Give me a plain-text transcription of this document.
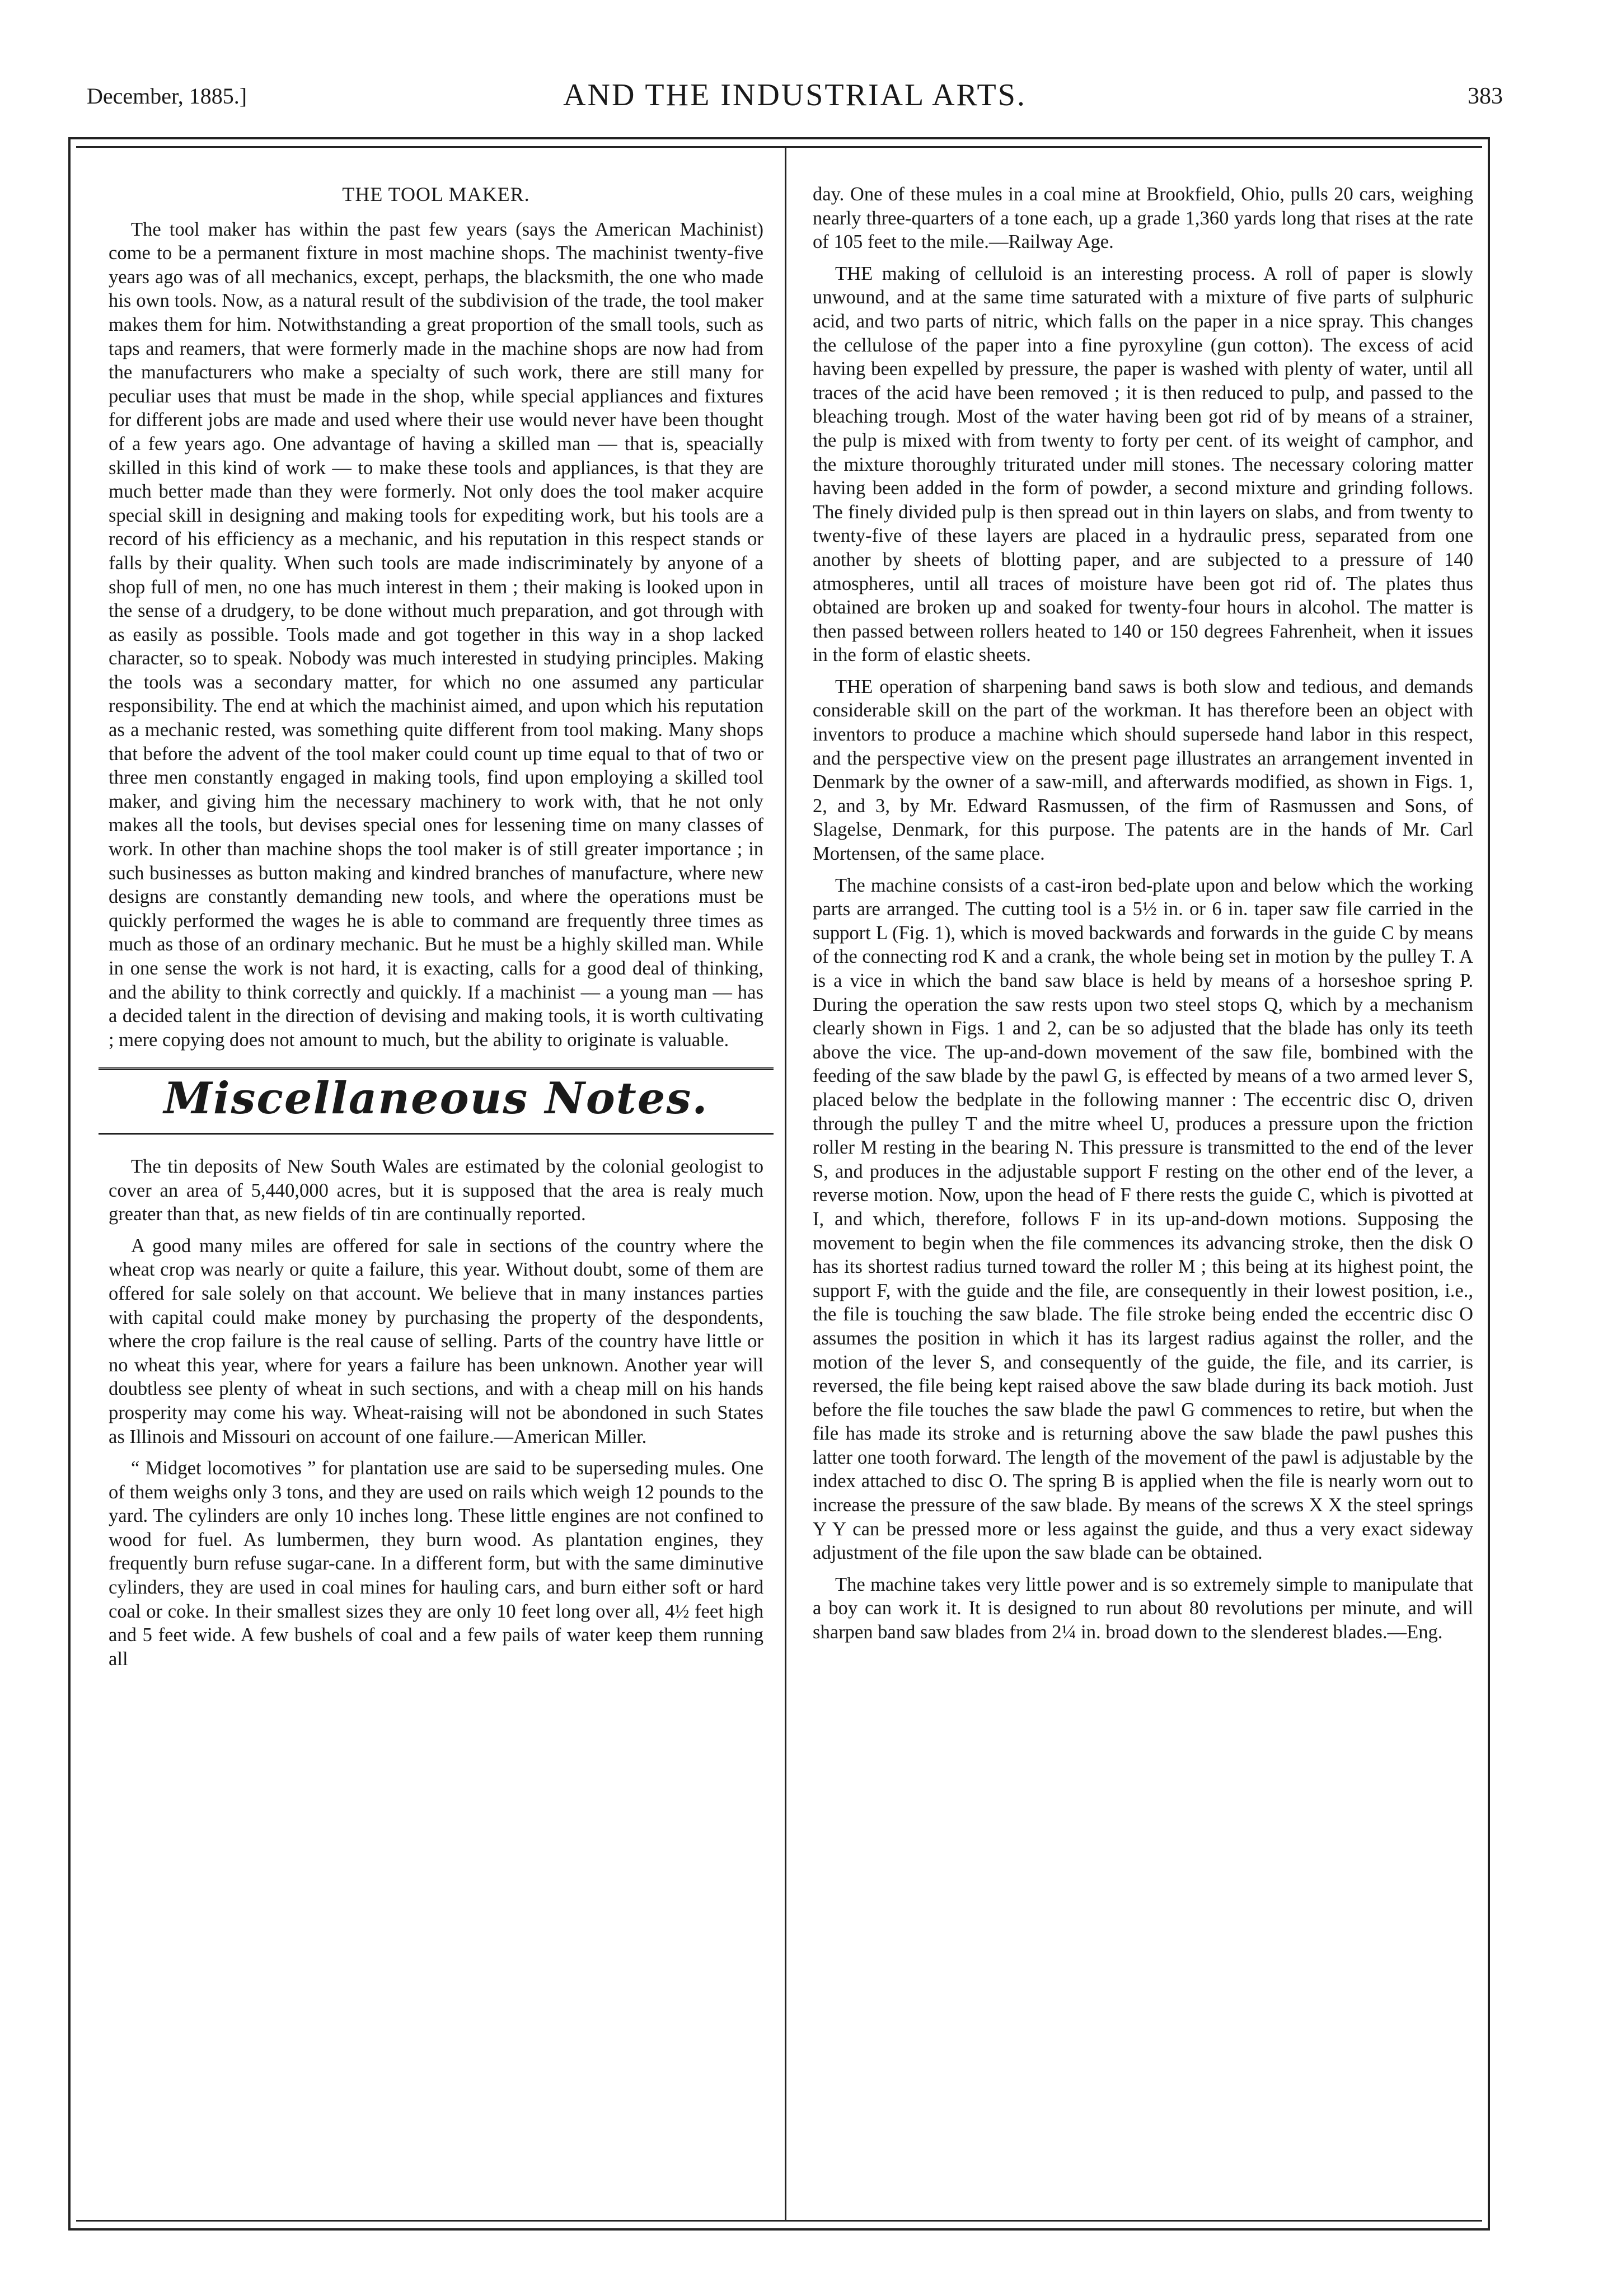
December, 1885.]	AND THE INDUSTRIAL ARTS.	383
THE TOOL MAKER.

The tool maker has within the past few years (says the American Machinist) come to be a permanent fixture in most machine shops. The machinist twenty-five years ago was of all mechanics, except, perhaps, the blacksmith, the one who made his own tools. Now, as a natural result of the subdivision of the trade, the tool maker makes them for him. Notwithstanding a great proportion of the small tools, such as taps and reamers, that were formerly made in the machine shops are now had from the manufacturers who make a specialty of such work, there are still many for peculiar uses that must be made in the shop, while special appliances and fixtures for different jobs are made and used where their use would never have been thought of a few years ago. One advantage of having a skilled man — that is, speacially skilled in this kind of work — to make these tools and appliances, is that they are much better made than they were formerly. Not only does the tool maker acquire special skill in designing and making tools for expediting work, but his tools are a record of his efficiency as a mechanic, and his reputation in this respect stands or falls by their quality. When such tools are made indiscriminately by anyone of a shop full of men, no one has much interest in them ; their making is looked upon in the sense of a drudgery, to be done without much preparation, and got through with as easily as possible. Tools made and got together in this way in a shop lacked character, so to speak. Nobody was much interested in studying principles. Making the tools was a secondary matter, for which no one assumed any particular responsibility. The end at which the machinist aimed, and upon which his reputation as a mechanic rested, was something quite different from tool making. Many shops that before the advent of the tool maker could count up time equal to that of two or three men constantly engaged in making tools, find upon employing a skilled tool maker, and giving him the necessary machinery to work with, that he not only makes all the tools, but devises special ones for lessening time on many classes of work. In other than machine shops the tool maker is of still greater importance ; in such businesses as button making and kindred branches of manufacture, where new designs are constantly demanding new tools, and where the operations must be quickly performed the wages he is able to command are frequently three times as much as those of an ordinary mechanic. But he must be a highly skilled man. While in one sense the work is not hard, it is exacting, calls for a good deal of thinking, and the ability to think correctly and quickly. If a machinist — a young man — has a decided talent in the direction of devising and making tools, it is worth cultivating ; mere copying does not amount to much, but the ability to originate is valuable.

Miscellaneous Notes.

The tin deposits of New South Wales are estimated by the colonial geologist to cover an area of 5,440,000 acres, but it is supposed that the area is realy much greater than that, as new fields of tin are continually reported.

A good many miles are offered for sale in sections of the country where the wheat crop was nearly or quite a failure, this year. Without doubt, some of them are offered for sale solely on that account. We believe that in many instances parties with capital could make money by purchasing the property of the despondents, where the crop failure is the real cause of selling. Parts of the country have little or no wheat this year, where for years a failure has been unknown. Another year will doubtless see plenty of wheat in such sections, and with a cheap mill on his hands prosperity may come his way. Wheat-raising will not be abondoned in such States as Illinois and Missouri on account of one failure.—American Miller.

“ Midget locomotives ” for plantation use are said to be superseding mules. One of them weighs only 3 tons, and they are used on rails which weigh 12 pounds to the yard. The cylinders are only 10 inches long. These little engines are not confined to wood for fuel. As lumbermen, they burn wood. As plantation engines, they frequently burn refuse sugar-cane. In a different form, but with the same diminutive cylinders, they are used in coal mines for hauling cars, and burn either soft or hard coal or coke. In their smallest sizes they are only 10 feet long over all, 4½ feet high and 5 feet wide. A few bushels of coal and a few pails of water keep them running all

day. One of these mules in a coal mine at Brookfield, Ohio, pulls 20 cars, weighing nearly three-quarters of a tone each, up a grade 1,360 yards long that rises at the rate of 105 feet to the mile.—Railway Age.

THE making of celluloid is an interesting process. A roll of paper is slowly unwound, and at the same time saturated with a mixture of five parts of sulphuric acid, and two parts of nitric, which falls on the paper in a nice spray. This changes the cellulose of the paper into a fine pyroxyline (gun cotton). The excess of acid having been expelled by pressure, the paper is washed with plenty of water, until all traces of the acid have been removed ; it is then reduced to pulp, and passed to the bleaching trough. Most of the water having been got rid of by means of a strainer, the pulp is mixed with from twenty to forty per cent. of its weight of camphor, and the mixture thoroughly triturated under mill stones. The necessary coloring matter having been added in the form of powder, a second mixture and grinding follows. The finely divided pulp is then spread out in thin layers on slabs, and from twenty to twenty-five of these layers are placed in a hydraulic press, separated from one another by sheets of blotting paper, and are subjected to a pressure of 140 atmospheres, until all traces of moisture have been got rid of. The plates thus obtained are broken up and soaked for twenty-four hours in alcohol. The matter is then passed between rollers heated to 140 or 150 degrees Fahrenheit, when it issues in the form of elastic sheets.

THE operation of sharpening band saws is both slow and tedious, and demands considerable skill on the part of the workman. It has therefore been an object with inventors to produce a machine which should supersede hand labor in this respect, and the perspective view on the present page illustrates an arrangement invented in Denmark by the owner of a saw-mill, and afterwards modified, as shown in Figs. 1, 2, and 3, by Mr. Edward Rasmussen, of the firm of Rasmussen and Sons, of Slagelse, Denmark, for this purpose. The patents are in the hands of Mr. Carl Mortensen, of the same place.

The machine consists of a cast-iron bed-plate upon and below which the working parts are arranged. The cutting tool is a 5½ in. or 6 in. taper saw file carried in the support L (Fig. 1), which is moved backwards and forwards in the guide C by means of the connecting rod K and a crank, the whole being set in motion by the pulley T. A is a vice in which the band saw blace is held by means of a horseshoe spring P. During the operation the saw rests upon two steel stops Q, which by a mechanism clearly shown in Figs. 1 and 2, can be so adjusted that the blade has only its teeth above the vice. The up-and-down movement of the saw file, bombined with the feeding of the saw blade by the pawl G, is effected by means of a two armed lever S, placed below the bedplate in the following manner : The eccentric disc O, driven through the pulley T and the mitre wheel U, produces a pressure upon the friction roller M resting in the bearing N. This pressure is transmitted to the end of the lever S, and produces in the adjustable support F resting on the other end of the lever, a reverse motion. Now, upon the head of F there rests the guide C, which is pivotted at I, and which, therefore, follows F in its up-and-down motions. Supposing the movement to begin when the file commences its advancing stroke, then the disk O has its shortest radius turned toward the roller M ; this being at its highest point, the support F, with the guide and the file, are consequently in their lowest position, i.e., the file is touching the saw blade. The file stroke being ended the eccentric disc O assumes the position in which it has its largest radius against the roller, and the motion of the lever S, and consequently of the guide, the file, and its carrier, is reversed, the file being kept raised above the saw blade during its back motioh. Just before the file touches the saw blade the pawl G commences to retire, but when the file has made its stroke and is returning above the saw blade the pawl pushes this latter one tooth forward. The length of the movement of the pawl is adjustable by the index attached to disc O. The spring B is applied when the file is nearly worn out to increase the pressure of the saw blade. By means of the screws X X the steel springs Y Y can be pressed more or less against the guide, and thus a very exact sideway adjustment of the file upon the saw blade can be obtained.

The machine takes very little power and is so extremely simple to manipulate that a boy can work it. It is designed to run about 80 revolutions per minute, and will sharpen band saw blades from 2¼ in. broad down to the slenderest blades.—Eng.
